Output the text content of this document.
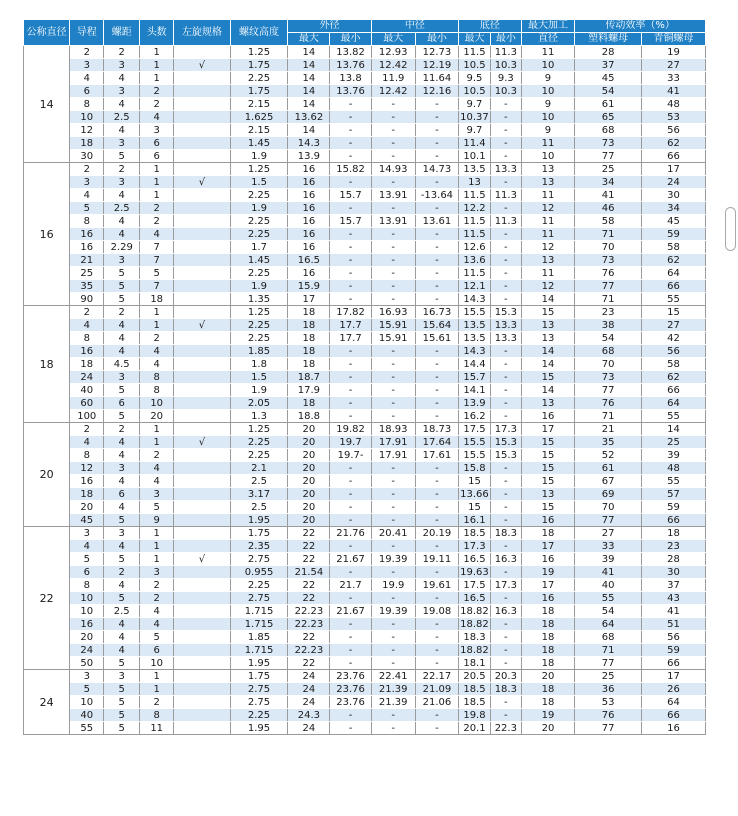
公称直径	导程	螺距	头数	左旋规格	螺纹高度	外径		中径		底径		最大加工	传动效率（%）	
						最大	最小	最大	最小	最大	最小	直径	塑料螺母	青铜螺母
14	2	2	1		1.25	14	13.82	12.93	12.73	11.5	11.3	11	28	19
	3	3	1	√	1.75	14	13.76	12.42	12.19	10.5	10.3	10	37	27
	4	4	1		2.25	14	13.8	11.9	11.64	9.5	9.3	9	45	33
	6	3	2		1.75	14	13.76	12.42	12.16	10.5	10.3	10	54	41
	8	4	2		2.15	14	-	-	-	9.7	-	9	61	48
	10	2.5	4		1.625	13.62	-	-	-	10.37	-	10	65	53
	12	4	3		2.15	14	-	-	-	9.7	-	9	68	56
	18	3	6		1.45	14.3	-	-	-	11.4	-	11	73	62
	30	5	6		1.9	13.9	-	-	-	10.1	-	10	77	66
16	2	2	1		1.25	16	15.82	14.93	14.73	13.5	13.3	13	25	17
	3	3	1	√	1.5	16	-	-	-	13	-	13	34	24
	4	4	1		2.25	16	15.7	13.91	-13.64	11.5	11.3	11	41	30
	5	2.5	2		1.9	16	-	-	-	12.2	-	12	46	34
	8	4	2		2.25	16	15.7	13.91	13.61	11.5	11.3	11	58	45
	16	4	4		2.25	16	-	-	-	11.5	-	11	71	59
	16	2.29	7		1.7	16	-	-	-	12.6	-	12	70	58
	21	3	7		1.45	16.5	-	-	-	13.6	-	13	73	62
	25	5	5		2.25	16	-	-	-	11.5	-	11	76	64
	35	5	7		1.9	15.9	-	-	-	12.1	-	12	77	66
	90	5	18		1.35	17	-	-	-	14.3	-	14	71	55
18	2	2	1		1.25	18	17.82	16.93	16.73	15.5	15.3	15	23	15
	4	4	1	√	2.25	18	17.7	15.91	15.64	13.5	13.3	13	38	27
	8	4	2		2.25	18	17.7	15.91	15.61	13.5	13.3	13	54	42
	16	4	4		1.85	18	-	-	-	14.3	-	14	68	56
	18	4.5	4		1.8	18	-	-	-	14.4	-	14	70	58
	24	3	8		1.5	18.7	-	-	-	15.7	-	15	73	62
	40	5	8		1.9	17.9	-	-	-	14.1	-	14	77	66
	60	6	10		2.05	18	-	-	-	13.9	-	13	76	64
	100	5	20		1.3	18.8	-	-	-	16.2	-	16	71	55
20	2	2	1		1.25	20	19.82	18.93	18.73	17.5	17.3	17	21	14
	4	4	1	√	2.25	20	19.7	17.91	17.64	15.5	15.3	15	35	25
	8	4	2		2.25	20	19.7-	17.91	17.61	15.5	15.3	15	52	39
	12	3	4		2.1	20	-	-	-	15.8	-	15	61	48
	16	4	4		2.5	20	-	-	-	15	-	15	67	55
	18	6	3		3.17	20	-	-	-	13.66	-	13	69	57
	20	4	5		2.5	20	-	-	-	15	-	15	70	59
	45	5	9		1.95	20	-	-	-	16.1	-	16	77	66
22	3	3	1		1.75	22	21.76	20.41	20.19	18.5	18.3	18	27	18
	4	4	1		2.35	22	-	-	-	17.3	-	17	33	23
	5	5	1	√	2.75	22	21.67	19.39	19.11	16.5	16.3	16	39	28
	6	2	3		0.955	21.54	-	-	-	19.63	-	19	41	30
	8	4	2		2.25	22	21.7	19.9	19.61	17.5	17.3	17	40	37
	10	5	2		2.75	22	-	-	-	16.5	-	16	55	43
	10	2.5	4		1.715	22.23	21.67	19.39	19.08	18.82	16.3	18	54	41
	16	4	4		1.715	22.23	-	-	-	18.82	-	18	64	51
	20	4	5		1.85	22	-	-	-	18.3	-	18	68	56
	24	4	6		1.715	22.23	-	-	-	18.82	-	18	71	59
	50	5	10		1.95	22	-	-	-	18.1	-	18	77	66
24	3	3	1		1.75	24	23.76	22.41	22.17	20.5	20.3	20	25	17
	5	5	1		2.75	24	23.76	21.39	21.09	18.5	18.3	18	36	26
	10	5	2		2.75	24	23.76	21.39	21.06	18.5	-	18	53	64
	40	5	8		2.25	24.3	-	-	-	19.8	-	19	76	66
	55	5	11		1.95	24	-	-	-	20.1	22.3	20	77	16
